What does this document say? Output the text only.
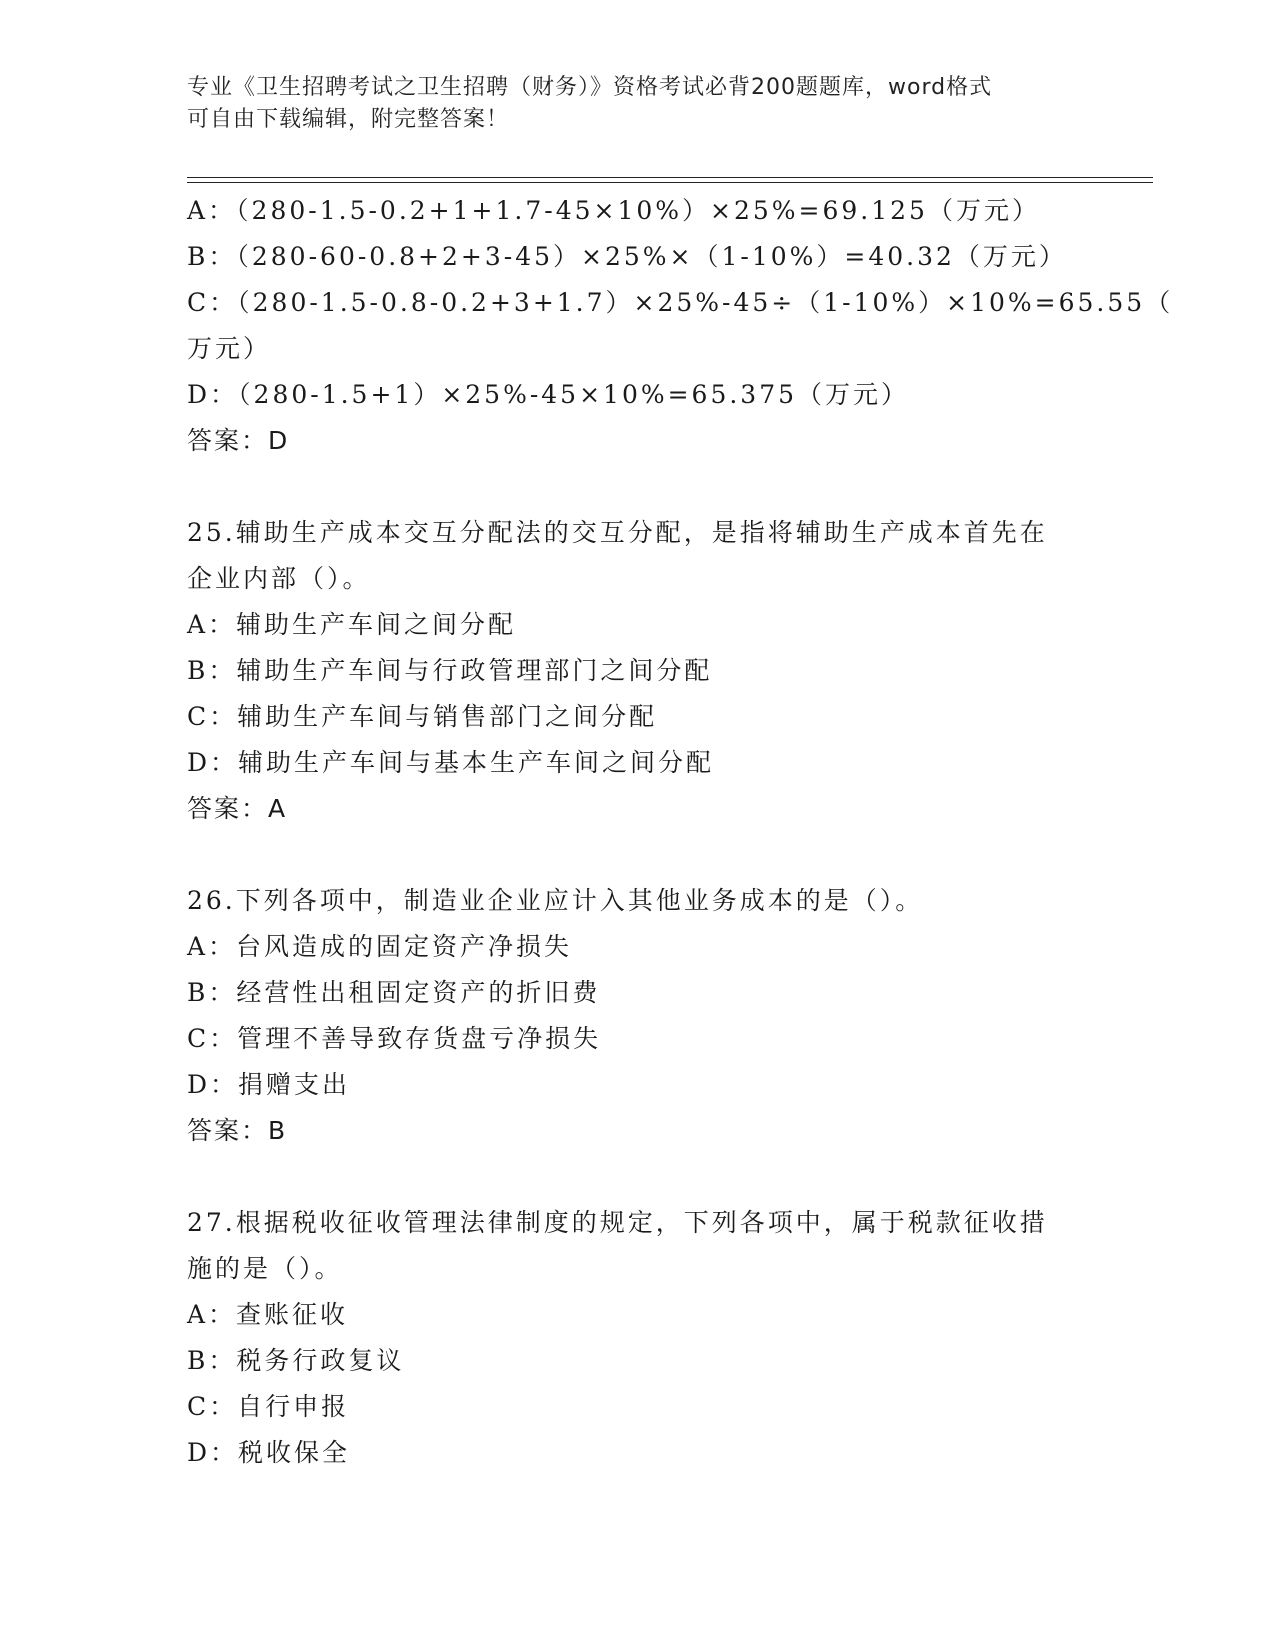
专业《卫生招聘考试之卫生招聘（财务）》资格考试必背200题题库，word格式
可自由下载编辑，附完整答案！
A：（280-1.5-0.2+1+1.7-45×10%）×25%=69.125（万元）
B：（280-60-0.8+2+3-45）×25%×（1-10%）=40.32（万元）
C：（280-1.5-0.8-0.2+3+1.7）×25%-45÷（1-10%）×10%=65.55（
万元）
D：（280-1.5+1）×25%-45×10%=65.375（万元）
答案：D
25.辅助生产成本交互分配法的交互分配，是指将辅助生产成本首先在
企业内部（）。
A：辅助生产车间之间分配
B：辅助生产车间与行政管理部门之间分配
C：辅助生产车间与销售部门之间分配
D：辅助生产车间与基本生产车间之间分配
答案：A
26.下列各项中，制造业企业应计入其他业务成本的是（）。
A：台风造成的固定资产净损失
B：经营性出租固定资产的折旧费
C：管理不善导致存货盘亏净损失
D：捐赠支出
答案：B
27.根据税收征收管理法律制度的规定，下列各项中，属于税款征收措
施的是（）。
A：查账征收
B：税务行政复议
C：自行申报
D：税收保全
